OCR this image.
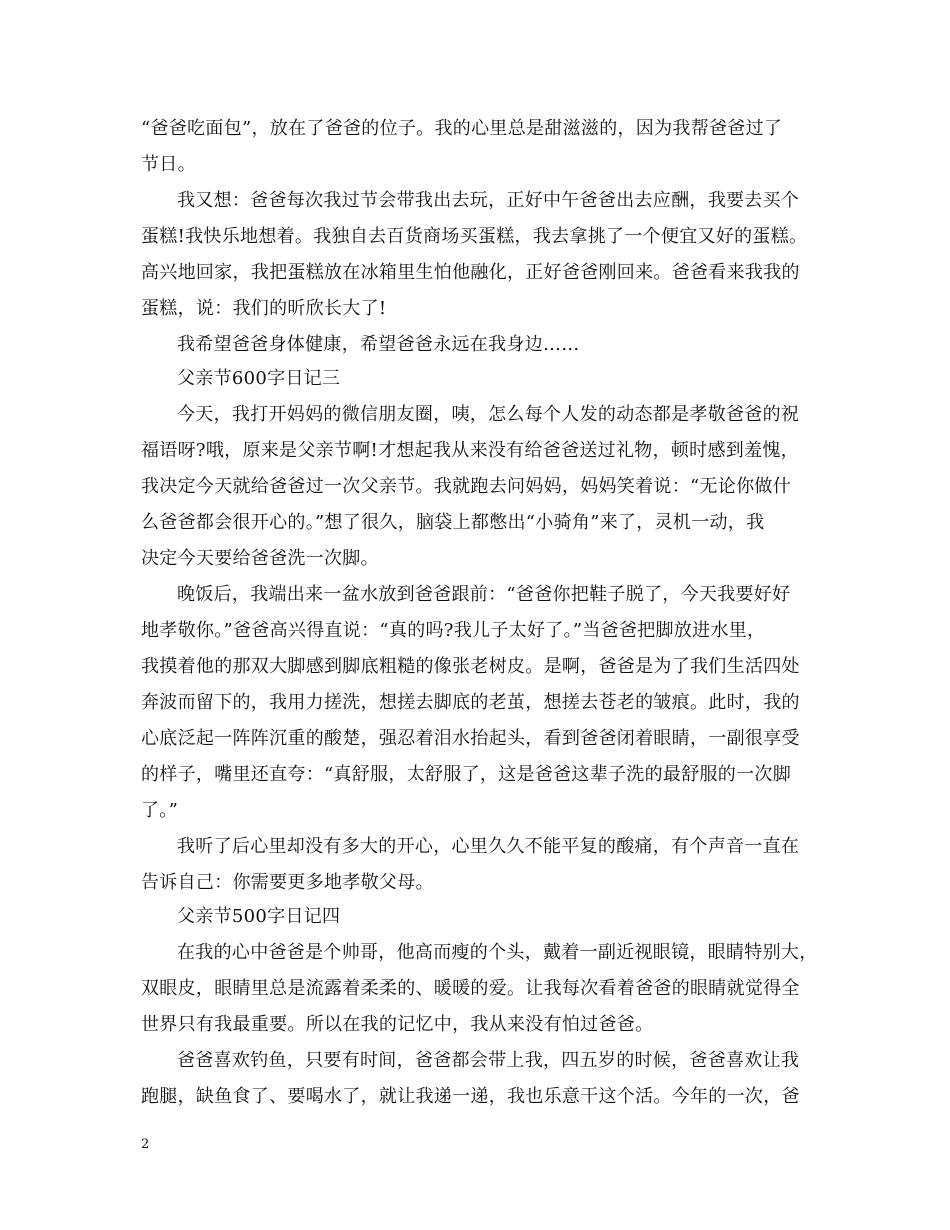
“爸爸吃面包”，放在了爸爸的位子。我的心里总是甜滋滋的，因为我帮爸爸过了
节日。
我又想：爸爸每次我过节会带我出去玩，正好中午爸爸出去应酬，我要去买个
蛋糕!我快乐地想着。我独自去百货商场买蛋糕，我去拿挑了一个便宜又好的蛋糕。
高兴地回家，我把蛋糕放在冰箱里生怕他融化，正好爸爸刚回来。爸爸看来我我的
蛋糕，说：我们的昕欣长大了!
我希望爸爸身体健康，希望爸爸永远在我身边……
父亲节600字日记三
今天，我打开妈妈的微信朋友圈，咦，怎么每个人发的动态都是孝敬爸爸的祝
福语呀?哦，原来是父亲节啊!才想起我从来没有给爸爸送过礼物，顿时感到羞愧，
我决定今天就给爸爸过一次父亲节。我就跑去问妈妈，妈妈笑着说：“无论你做什
么爸爸都会很开心的。”想了很久，脑袋上都憋出“小骑角”来了，灵机一动，我
决定今天要给爸爸洗一次脚。
晚饭后，我端出来一盆水放到爸爸跟前：“爸爸你把鞋子脱了，今天我要好好
地孝敬你。”爸爸高兴得直说：“真的吗?我儿子太好了。”当爸爸把脚放进水里，
我摸着他的那双大脚感到脚底粗糙的像张老树皮。是啊，爸爸是为了我们生活四处
奔波而留下的，我用力搓洗，想搓去脚底的老茧，想搓去苍老的皱痕。此时，我的
心底泛起一阵阵沉重的酸楚，强忍着泪水抬起头，看到爸爸闭着眼睛，一副很享受
的样子，嘴里还直夸：“真舒服，太舒服了，这是爸爸这辈子洗的最舒服的一次脚
了。”
我听了后心里却没有多大的开心，心里久久不能平复的酸痛，有个声音一直在
告诉自己：你需要更多地孝敬父母。
父亲节500字日记四
在我的心中爸爸是个帅哥，他高而瘦的个头，戴着一副近视眼镜，眼睛特别大，
双眼皮，眼睛里总是流露着柔柔的、暖暖的爱。让我每次看着爸爸的眼睛就觉得全
世界只有我最重要。所以在我的记忆中，我从来没有怕过爸爸。
爸爸喜欢钓鱼，只要有时间，爸爸都会带上我，四五岁的时候，爸爸喜欢让我
跑腿，缺鱼食了、要喝水了，就让我递一递，我也乐意干这个活。今年的一次，爸
2
